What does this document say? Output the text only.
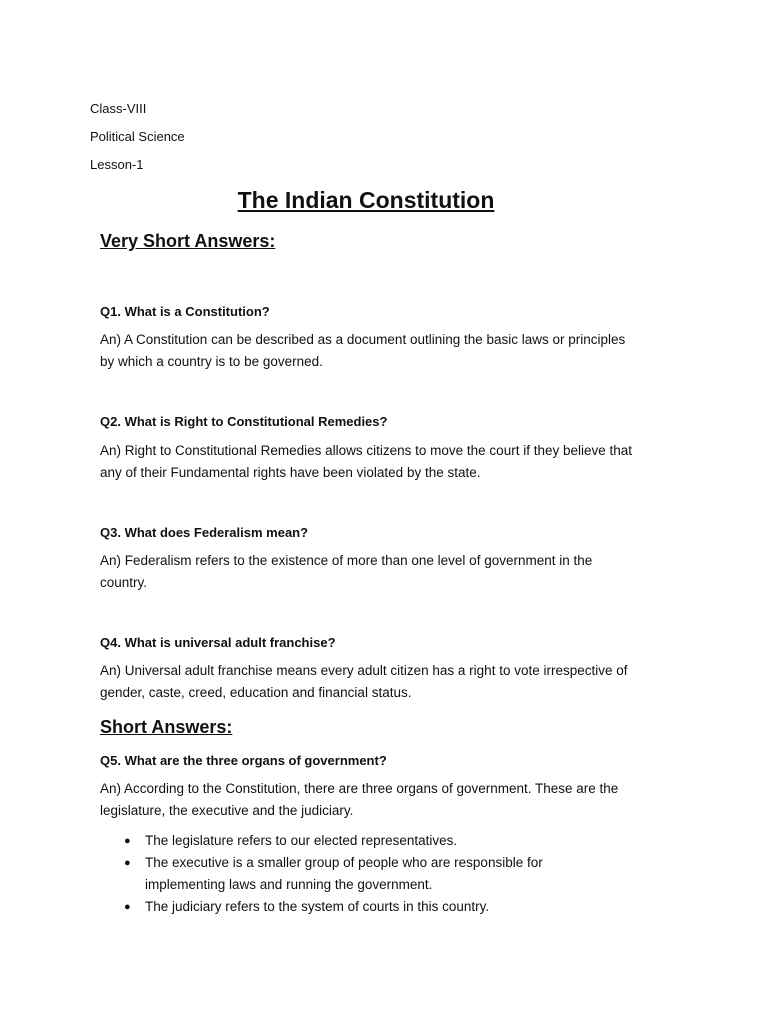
Class-VIII
Political Science
Lesson-1
The Indian Constitution
Very Short Answers:
Q1. What is a Constitution?
An) A Constitution can be described as a document outlining the basic laws or principles by which a country is to be governed.
Q2. What is Right to Constitutional Remedies?
An) Right to Constitutional Remedies allows citizens to move the court if they believe that any of their Fundamental rights have been violated by the state.
Q3. What does Federalism mean?
An) Federalism refers to the existence of more than one level of government in the country.
Q4. What is universal adult franchise?
An) Universal adult franchise means every adult citizen has a right to vote irrespective of gender, caste, creed, education and financial status.
Short Answers:
Q5. What are the three organs of government?
An) According to the Constitution, there are three organs of government. These are the legislature, the executive and the judiciary.
● The legislature refers to our elected representatives.
● The executive is a smaller group of people who are responsible for implementing laws and running the government.
● The judiciary refers to the system of courts in this country.
